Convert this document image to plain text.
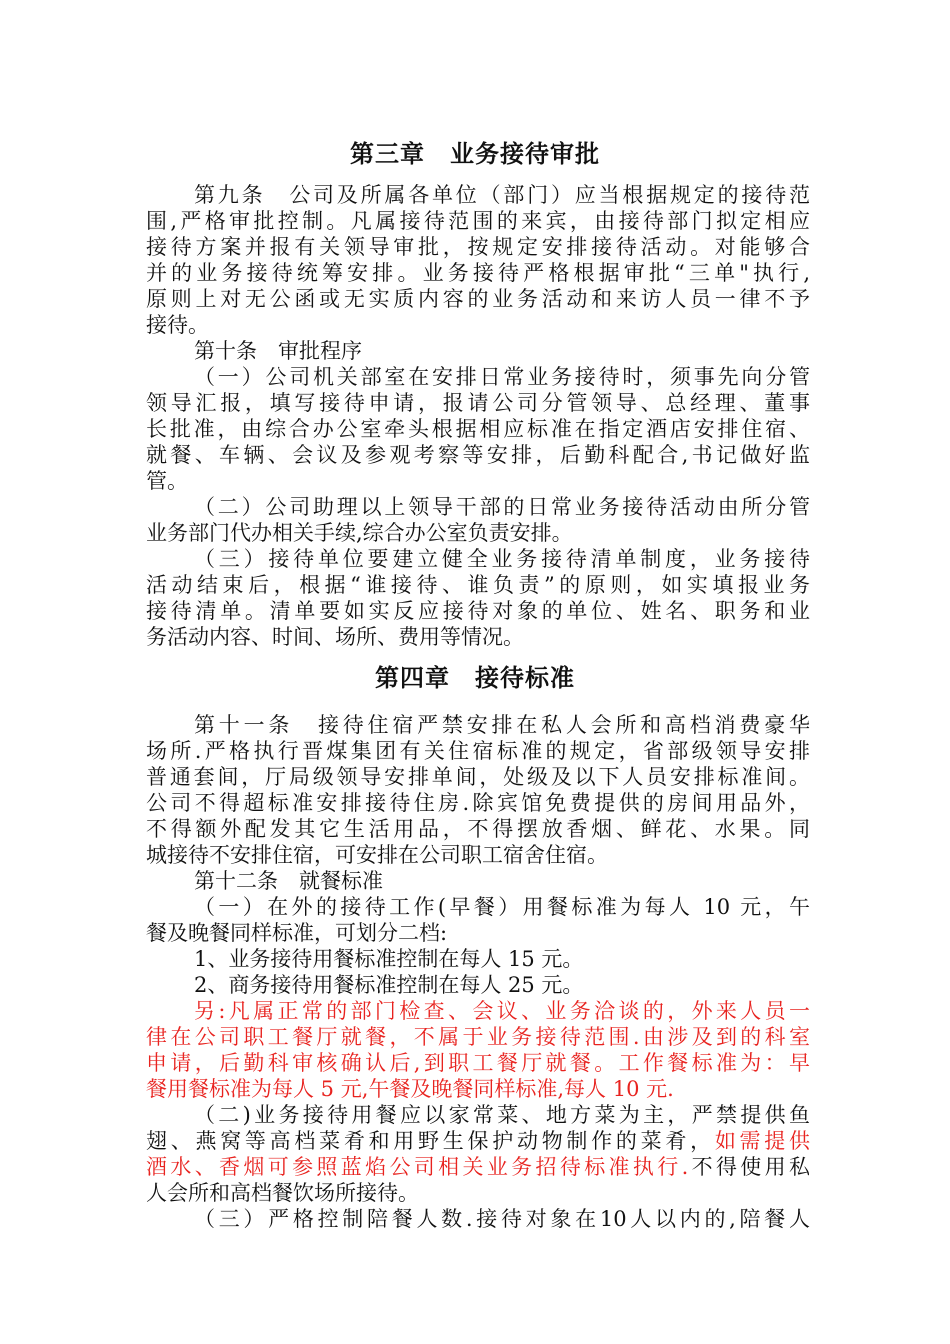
第三章　业务接待审批
第九条　公司及所属各单位（部门）应当根据规定的接待范
围,严格审批控制。凡属接待范围的来宾，由接待部门拟定相应
接待方案并报有关领导审批，按规定安排接待活动。对能够合
并的业务接待统筹安排。业务接待严格根据审批“三单"执行,
原则上对无公函或无实质内容的业务活动和来访人员一律不予
接待。
第十条　审批程序
（一）公司机关部室在安排日常业务接待时，须事先向分管
领导汇报，填写接待申请，报请公司分管领导、总经理、董事
长批准，由综合办公室牵头根据相应标准在指定酒店安排住宿、
就餐、车辆、会议及参观考察等安排，后勤科配合,书记做好监
管。
（二）公司助理以上领导干部的日常业务接待活动由所分管
业务部门代办相关手续,综合办公室负责安排。
（三）接待单位要建立健全业务接待清单制度，业务接待
活动结束后，根据“谁接待、谁负责”的原则，如实填报业务
接待清单。清单要如实反应接待对象的单位、姓名、职务和业
务活动内容、时间、场所、费用等情况。
第四章　接待标准
第十一条　接待住宿严禁安排在私人会所和高档消费豪华
场所.严格执行晋煤集团有关住宿标准的规定，省部级领导安排
普通套间，厅局级领导安排单间，处级及以下人员安排标准间。
公司不得超标准安排接待住房.除宾馆免费提供的房间用品外，
不得额外配发其它生活用品，不得摆放香烟、鲜花、水果。同
城接待不安排住宿，可安排在公司职工宿舍住宿。
第十二条　就餐标准
（一）在外的接待工作(早餐）用餐标准为每人 10 元，午
餐及晚餐同样标准，可划分二档:
1、业务接待用餐标准控制在每人 15 元。
2、商务接待用餐标准控制在每人 25 元。
另:凡属正常的部门检查、会议、业务洽谈的，外来人员一
律在公司职工餐厅就餐，不属于业务接待范围.由涉及到的科室
申请，后勤科审核确认后,到职工餐厅就餐。工作餐标准为：早
餐用餐标准为每人 5 元,午餐及晚餐同样标准,每人 10 元.
（二)业务接待用餐应以家常菜、地方菜为主，严禁提供鱼
翅、燕窝等高档菜肴和用野生保护动物制作的菜肴，如需提供
酒水、香烟可参照蓝焰公司相关业务招待标准执行.不得使用私
人会所和高档餐饮场所接待。
（三）严格控制陪餐人数.接待对象在10人以内的,陪餐人
